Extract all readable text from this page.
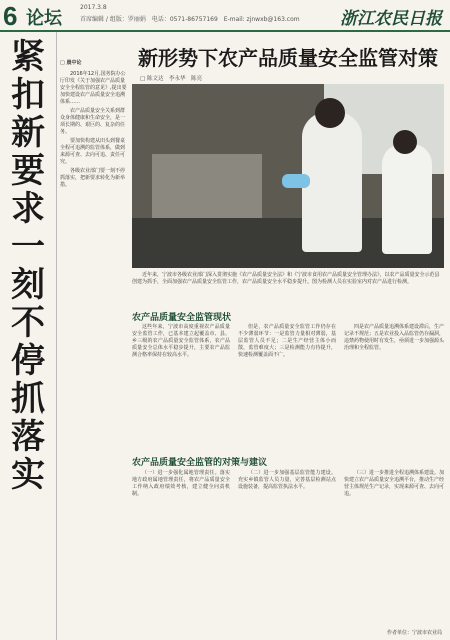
6 论坛
2017.3.8
首席编辑 / 组版：罗丽娟　电话：0571-86757169　E-mail: zjnwxb@163.com 浙江农民日报
紧
扣
新
要
求
一
刻
不
停
抓
落
实
□ 晨中论

2016年12月,国务院办公厅印发《关于加强农产品质量安全全程监管的意见》,提出要加快建设农产品质量安全追溯体系……

农产品质量安全关系到群众身体健康和生命安全，是一项长期的、艰巨的、复杂的任务。

要加快构建从田头到餐桌全程可追溯的监管体系，做到来源可查、去向可追、责任可究。

各级农业部门要一刻不停抓落实，把新要求转化为新举措。

新形势下农产品质量安全监管对策
□ 陈文达　李永华　陈亮
近年来，宁波市各级农业部门深入贯彻实施《农产品质量安全法》和《宁波市食用农产品质量安全管理办法》，以农产品质量安全示范县创建为抓手，全面加强农产品质量安全监管工作，农产品质量安全水平稳步提升。图为检测人员在实验室内对农产品进行检测。
农产品质量安全监管现状

这些年来，宁波市高度重视农产品质量安全监管工作，已基本建立起覆盖市、县、乡三级的农产品质量安全监管体系，农产品质量安全总体水平稳步提升，主要农产品监测合格率保持在较高水平。

但是，农产品质量安全监管工作仍存在不少薄弱环节：一是监管力量相对薄弱，基层监管人员不足；二是生产经营主体小而散，监管难度大；三是检测能力有待提升，快速检测覆盖面不广。

四是农产品质量追溯体系建设滞后，生产记录不规范；五是农业投入品监管仍存漏洞，违禁药物使用时有发生，亟须进一步加强源头治理和全程监管。

农产品质量安全监管的对策与建议

（一）进一步强化属地管理责任。落实地方政府属地管理责任，将农产品质量安全工作纳入政府绩效考核，建立健全问责机制。

（二）进一步加强基层监管能力建设。充实乡镇监管人员力量，完善基层检测站点设施装备，提高监管执法水平。

（三）进一步推进全程追溯体系建设。加快建立农产品质量安全追溯平台，推动生产经营主体规范生产记录，实现来源可查、去向可追。

作者单位：宁波市农业局
